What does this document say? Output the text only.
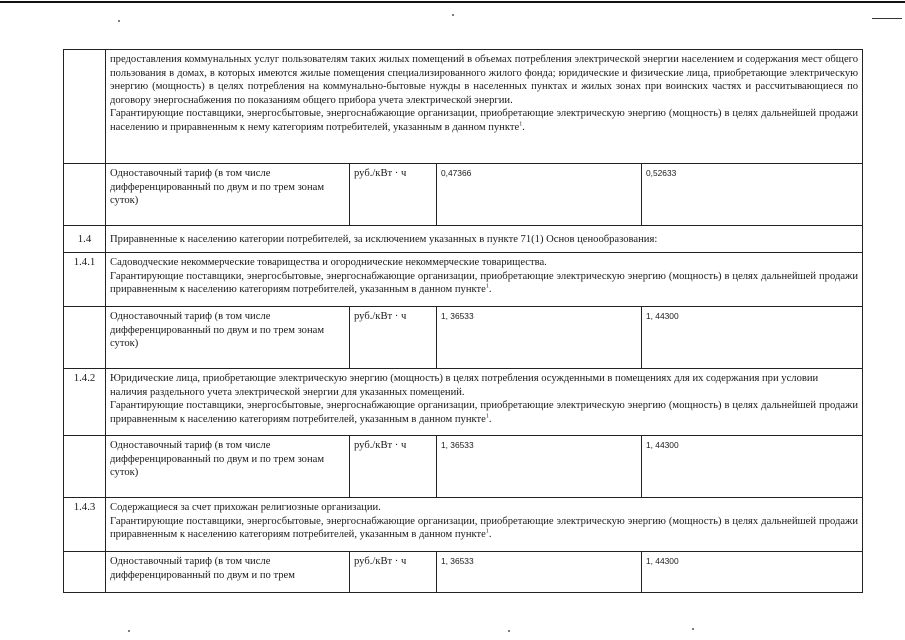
	предоставления коммунальных услуг пользователям таких жилых помещений в объемах потребления электрической энергии населением и содержания мест общего пользования в домах, в которых имеются жилые помещения специализированного жилого фонда; юридические и физические лица, приобретающие электрическую энергию (мощность) в целях потребления на коммунально-бытовые нужды в населенных пунктах и жилых зонах при воинских частях и рассчитывающиеся по договору энергоснабжения по показаниям общего прибора учета электрической энергии.
Гарантирующие поставщики, энергосбытовые, энергоснабжающие организации, приобретающие электрическую энергию (мощность) в целях дальнейшей продажи населению и приравненным к нему категориям потребителей, указанным в данном пункте$^1$.			

	Одноставочный тариф (в том числе дифференцированный по двум и по трем зонам суток)	руб./кВт · ч	0,47366	0,52633
1.4	Приравненные к населению категории потребителей, за исключением указанных в пункте 71(1) Основ ценообразования:			
1.4.1	Садоводческие некоммерческие товарищества и огороднические некоммерческие товарищества.
Гарантирующие поставщики, энергосбытовые, энергоснабжающие организации, приобретающие электрическую энергию (мощность) в целях дальнейшей продажи приравненным к населению категориям потребителей, указанным в данном пункте$^1$.			

	Одноставочный тариф (в том числе дифференцированный по двум и по трем зонам суток)	руб./кВт · ч	1, 36533	1, 44300
1.4.2	Юридические лица, приобретающие электрическую энергию (мощность) в целях потребления осужденными в помещениях для их содержания при условии наличия раздельного учета электрической энергии для указанных помещений.
Гарантирующие поставщики, энергосбытовые, энергоснабжающие организации, приобретающие электрическую энергию (мощность) в целях дальнейшей продажи приравненным к населению категориям потребителей, указанным в данном пункте$^1$.			

	Одноставочный тариф (в том числе дифференцированный по двум и по трем зонам суток)	руб./кВт · ч	1, 36533	1, 44300
1.4.3	Содержащиеся за счет прихожан религиозные организации.
Гарантирующие поставщики, энергосбытовые, энергоснабжающие организации, приобретающие электрическую энергию (мощность) в целях дальнейшей продажи приравненным к населению категориям потребителей, указанным в данном пункте$^1$.			

	Одноставочный тариф (в том числе дифференцированный по двум и по трем	руб./кВт · ч	1, 36533	1, 44300
